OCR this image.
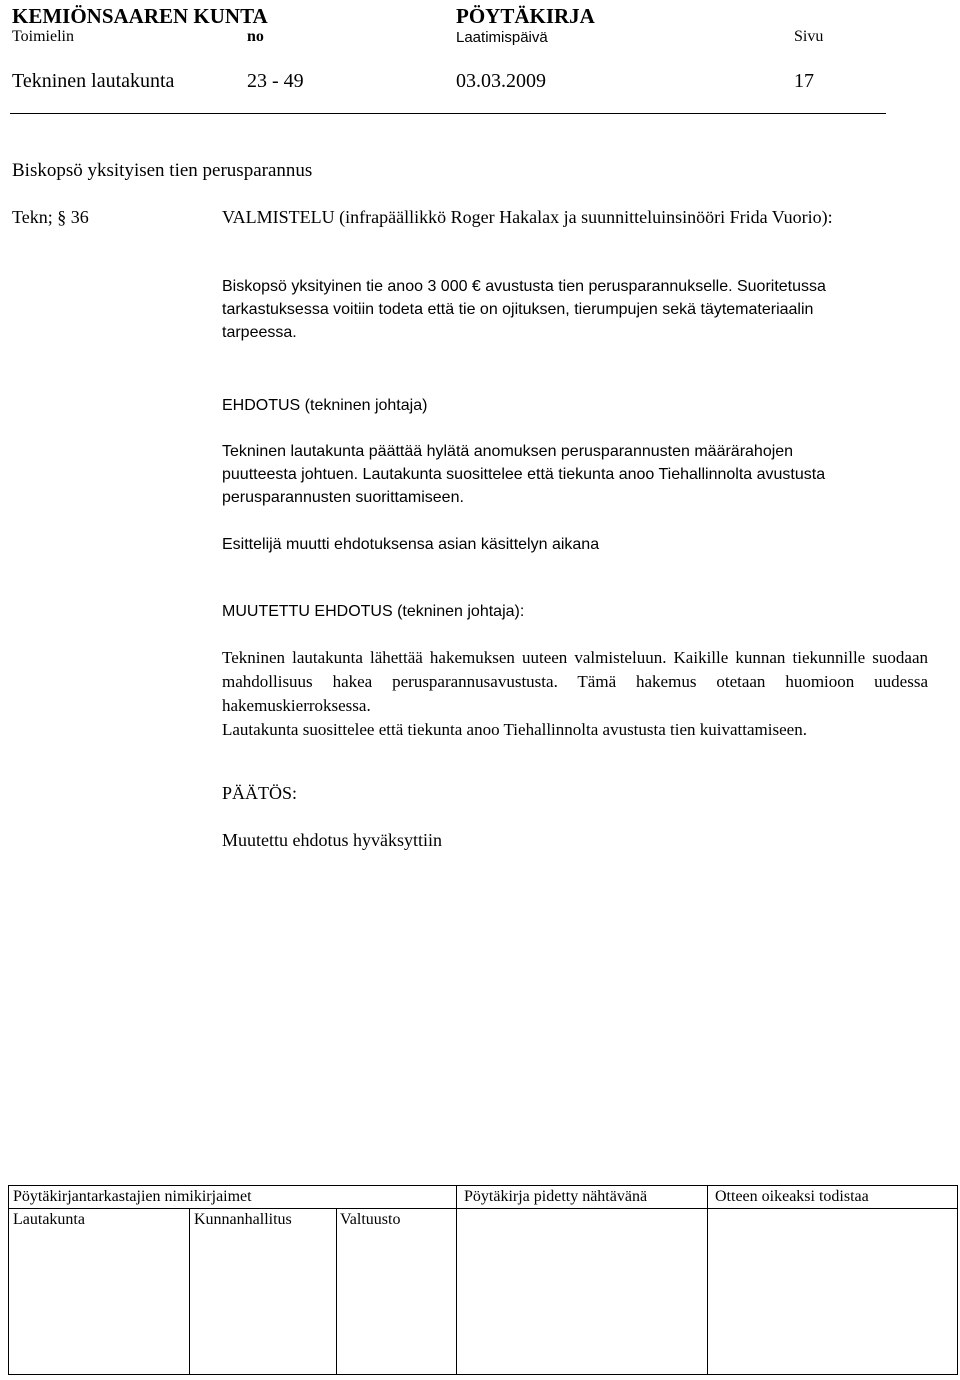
KEMIÖNSAAREN KUNTA	PÖYTÄKIRJA
Toimielin	no	Laatimispäivä	Sivu
Tekninen lautakunta	23 - 49	03.03.2009	17
Biskopsö yksityisen tien perusparannus
Tekn; § 36	VALMISTELU (infrapäällikkö Roger Hakalax ja suunnitteluinsinööri Frida Vuorio):
Biskopsö yksityinen tie anoo 3 000 € avustusta tien perusparannukselle. Suoritetussa
tarkastuksessa voitiin todeta että tie on ojituksen, tierumpujen sekä täytemateriaalin
tarpeessa.
EHDOTUS (tekninen johtaja)
Tekninen lautakunta päättää hylätä anomuksen perusparannusten määrärahojen
puutteesta johtuen. Lautakunta suosittelee että tiekunta anoo Tiehallinnolta avustusta
perusparannusten suorittamiseen.
Esittelijä muutti ehdotuksensa asian käsittelyn aikana
MUUTETTU EHDOTUS (tekninen johtaja):

Tekninen lautakunta lähettää hakemuksen uuteen valmisteluun. Kaikille kunnan tiekunnille suodaan mahdollisuus hakea perusparannusavustusta. Tämä hakemus otetaan huomioon uudessa hakemuskierroksessa.

Lautakunta suosittelee että tiekunta anoo Tiehallinnolta avustusta tien kuivattamiseen.

PÄÄTÖS:
Muutettu ehdotus hyväksyttiin
Pöytäkirjantarkastajien nimikirjaimet	Pöytäkirja pidetty nähtävänä	Otteen oikeaksi todistaa
Lautakunta	Kunnanhallitus	Valtuusto
